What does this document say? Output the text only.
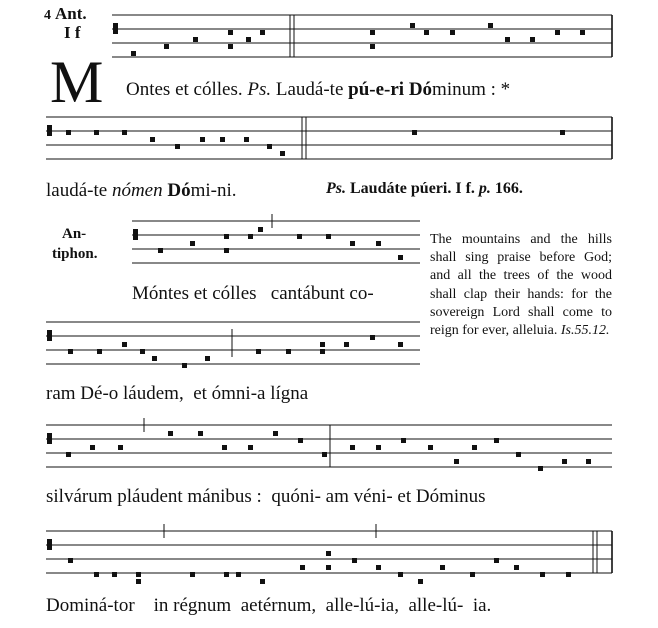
4 Ant.
I f
M Ontes et cólles. Ps. Laudá-te pú-e-ri Dóminum : *
laudá-te nómen Dómi-ni.	Ps. Laudáte púeri. I f. p. 166.
An-
tiphon.
Móntes et cólles   cantábunt co-
The mountains and the hills shall sing praise before God; and all the trees of the wood shall clap their hands: for the sovereign Lord shall come to reign for ever, alleluia. Is.55.12.
ram Dé-o láudem,  et ómni-a lígna
silvárum pláudent mánibus :  quóni- am véni- et Dóminus
Dominá-tor    in régnum  aetérnum,  alle-lú-ia,  alle-lú-  ia.
